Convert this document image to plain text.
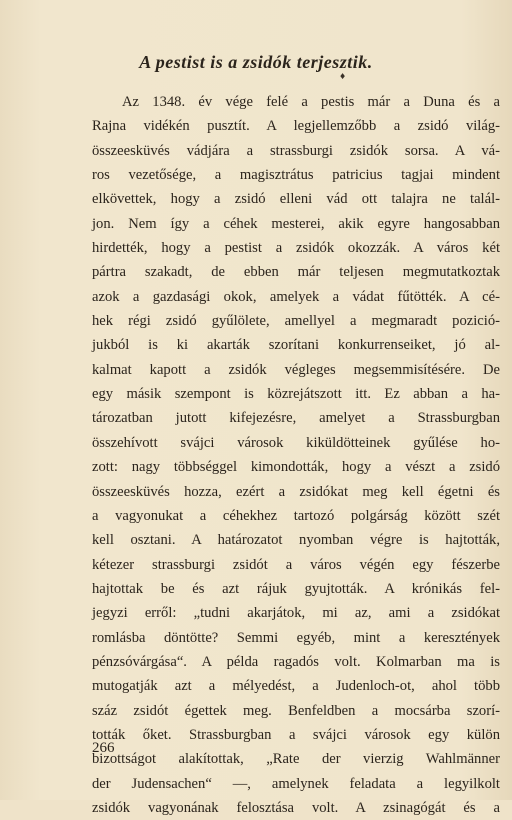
A pestist is a zsidók terjesztik.
♦
Az 1348. év vége felé a pestis már a Duna és a
Rajna vidékén pusztít. A legjellemzőbb a zsidó világ-
összeesküvés vádjára a strassburgi zsidók sorsa. A vá-
ros vezetősége, a magisztrátus patricius tagjai mindent
elkövettek, hogy a zsidó elleni vád ott talajra ne talál-
jon. Nem így a céhek mesterei, akik egyre hangosabban
hirdették, hogy a pestist a zsidók okozzák. A város két
pártra szakadt, de ebben már teljesen megmutatkoztak
azok a gazdasági okok, amelyek a vádat fűtötték. A cé-
hek régi zsidó gyűlölete, amellyel a megmaradt pozició-
jukból is ki akarták szorítani konkurrenseiket, jó al-
kalmat kapott a zsidók végleges megsemmisítésére. De
egy másik szempont is közrejátszott itt. Ez abban a ha-
tározatban jutott kifejezésre, amelyet a Strassburgban
összehívott svájci városok kiküldötteinek gyűlése ho-
zott: nagy többséggel kimondották, hogy a vészt a zsidó
összeesküvés hozza, ezért a zsidókat meg kell égetni és
a vagyonukat a céhekhez tartozó polgárság között szét
kell osztani. A határozatot nyomban végre is hajtották,
kétezer strassburgi zsidót a város végén egy fészerbe
hajtottak be és azt rájuk gyujtották. A krónikás fel-
jegyzi erről: „tudni akarjátok, mi az, ami a zsidókat
romlásba döntötte? Semmi egyéb, mint a keresztények
pénzsóvárgása“. A példa ragadós volt. Kolmarban ma is
mutogatják azt a mélyedést, a Judenloch-ot, ahol több
száz zsidót égettek meg. Benfeldben a mocsárba szorí-
tották őket. Strassburgban a svájci városok egy külön
bizottságot alakítottak, „Rate der vierzig Wahlmänner
der Judensachen“ —, amelynek feladata a legyilkolt
zsidók vagyonának felosztása volt. A zsinagógát és a
266
